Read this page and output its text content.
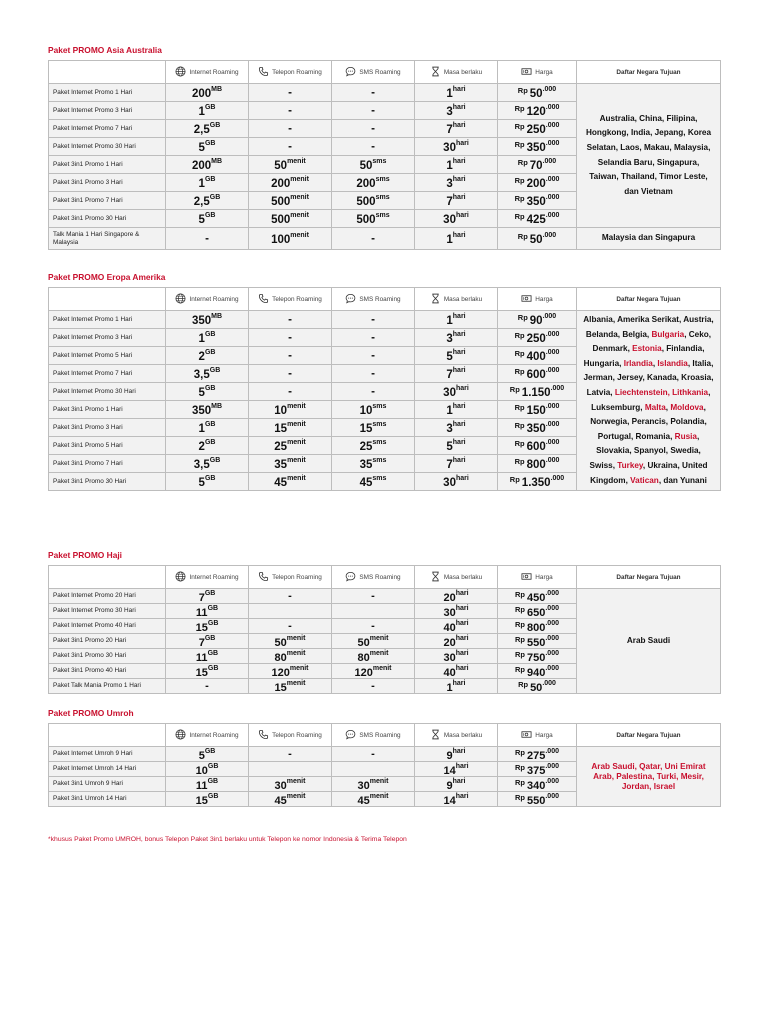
Paket PROMO Asia Australia

	Internet Roaming	Telepon Roaming	SMS Roaming	Masa berlaku	Harga	Daftar Negara Tujuan
Paket Internet Promo 1 Hari	$200^{MB}$	-	-	$1^{hari}$	$^{Rp}$ $50^{.000}$	Australia, China, Filipina, Hongkong, India, Jepang, Korea Selatan, Laos, Makau, Malaysia, Selandia Baru, Singapura, Taiwan, Thailand, Timor Leste, dan Vietnam
Paket Internet Promo 3 Hari	$1^{GB}$	-	-	$3^{hari}$	$^{Rp}$ $120^{.000}$
Paket Internet Promo 7 Hari	$2,5^{GB}$	-	-	$7^{hari}$	$^{Rp}$ $250^{.000}$
Paket Internet Promo 30 Hari	$5^{GB}$	-	-	$30^{hari}$	$^{Rp}$ $350^{.000}$
Paket 3in1 Promo 1 Hari	$200^{MB}$	$50^{menit}$	$50^{sms}$	$1^{hari}$	$^{Rp}$ $70^{.000}$
Paket 3in1 Promo 3 Hari	$1^{GB}$	$200^{menit}$	$200^{sms}$	$3^{hari}$	$^{Rp}$ $200^{.000}$
Paket 3in1 Promo 7 Hari	$2,5^{GB}$	$500^{menit}$	$500^{sms}$	$7^{hari}$	$^{Rp}$ $350^{.000}$
Paket 3in1 Promo 30 Hari	$5^{GB}$	$500^{menit}$	$500^{sms}$	$30^{hari}$	$^{Rp}$ $425^{.000}$
Talk Mania 1 Hari Singapore & Malaysia	-	$100^{menit}$	-	$1^{hari}$	$^{Rp}$ $50^{.000}$	Malaysia dan Singapura
Paket PROMO Eropa Amerika

	Internet Roaming	Telepon Roaming	SMS Roaming	Masa berlaku	Harga	Daftar Negara Tujuan
Paket Internet Promo 1 Hari	$350^{MB}$	-	-	$1^{hari}$	$^{Rp}$ $90^{.000}$	Albania, Amerika Serikat, Austria, Belanda, Belgia, Bulgaria, Ceko, Denmark, Estonia, Finlandia, Hungaria, Irlandia, Islandia, Italia, Jerman, Jersey, Kanada, Kroasia, Latvia, Liechtenstein, Lithkania, Luksemburg, Malta, Moldova, Norwegia, Perancis, Polandia, Portugal, Romania, Rusia, Slovakia, Spanyol, Swedia, Swiss, Turkey, Ukraina, United Kingdom, Vatican, dan Yunani
Paket Internet Promo 3 Hari	$1^{GB}$	-	-	$3^{hari}$	$^{Rp}$ $250^{.000}$
Paket Internet Promo 5 Hari	$2^{GB}$	-	-	$5^{hari}$	$^{Rp}$ $400^{.000}$
Paket Internet Promo 7 Hari	$3,5^{GB}$	-	-	$7^{hari}$	$^{Rp}$ $600^{.000}$
Paket Internet Promo 30 Hari	$5^{GB}$	-	-	$30^{hari}$	$^{Rp}$ $1.150^{.000}$
Paket 3in1 Promo 1 Hari	$350^{MB}$	$10^{menit}$	$10^{sms}$	$1^{hari}$	$^{Rp}$ $150^{.000}$
Paket 3in1 Promo 3 Hari	$1^{GB}$	$15^{menit}$	$15^{sms}$	$3^{hari}$	$^{Rp}$ $350^{.000}$
Paket 3in1 Promo 5 Hari	$2^{GB}$	$25^{menit}$	$25^{sms}$	$5^{hari}$	$^{Rp}$ $600^{.000}$
Paket 3in1 Promo 7 Hari	$3,5^{GB}$	$35^{menit}$	$35^{sms}$	$7^{hari}$	$^{Rp}$ $800^{.000}$
Paket 3in1 Promo 30 Hari	$5^{GB}$	$45^{menit}$	$45^{sms}$	$30^{hari}$	$^{Rp}$ $1.350^{.000}$
Paket PROMO Haji

	Internet Roaming	Telepon Roaming	SMS Roaming	Masa berlaku	Harga	Daftar Negara Tujuan
Paket Internet Promo 20 Hari	$7^{GB}$	-	-	$20^{hari}$	$^{Rp}$ $450^{.000}$	Arab Saudi
Paket Internet Promo 30 Hari	$11^{GB}$			$30^{hari}$	$^{Rp}$ $650^{.000}$
Paket Internet Promo 40 Hari	$15^{GB}$	-	-	$40^{hari}$	$^{Rp}$ $800^{.000}$
Paket 3in1 Promo 20 Hari	$7^{GB}$	$50^{menit}$	$50^{menit}$	$20^{hari}$	$^{Rp}$ $550^{.000}$
Paket 3in1 Promo 30 Hari	$11^{GB}$	$80^{menit}$	$80^{menit}$	$30^{hari}$	$^{Rp}$ $750^{.000}$
Paket 3in1 Promo 40 Hari	$15^{GB}$	$120^{menit}$	$120^{menit}$	$40^{hari}$	$^{Rp}$ $940^{.000}$
Paket Talk Mania Promo 1 Hari	-	$15^{menit}$	-	$1^{hari}$	$^{Rp}$ $50^{.000}$
Paket PROMO Umroh

	Internet Roaming	Telepon Roaming	SMS Roaming	Masa berlaku	Harga	Daftar Negara Tujuan
Paket Internet Umroh 9 Hari	$5^{GB}$	-	-	$9^{hari}$	$^{Rp}$ $275^{.000}$	Arab Saudi, Qatar, Uni Emirat Arab, Palestina, Turki, Mesir, Jordan, Israel
Paket Internet Umroh 14 Hari	$10^{GB}$			$14^{hari}$	$^{Rp}$ $375^{.000}$
Paket 3in1 Umroh 9 Hari	$11^{GB}$	$30^{menit}$	$30^{menit}$	$9^{hari}$	$^{Rp}$ $340^{.000}$
Paket 3in1 Umroh 14 Hari	$15^{GB}$	$45^{menit}$	$45^{menit}$	$14^{hari}$	$^{Rp}$ $550^{.000}$
*khusus Paket Promo UMROH, bonus Telepon Paket 3in1 berlaku untuk Telepon ke nomor Indonesia & Terima Telepon
